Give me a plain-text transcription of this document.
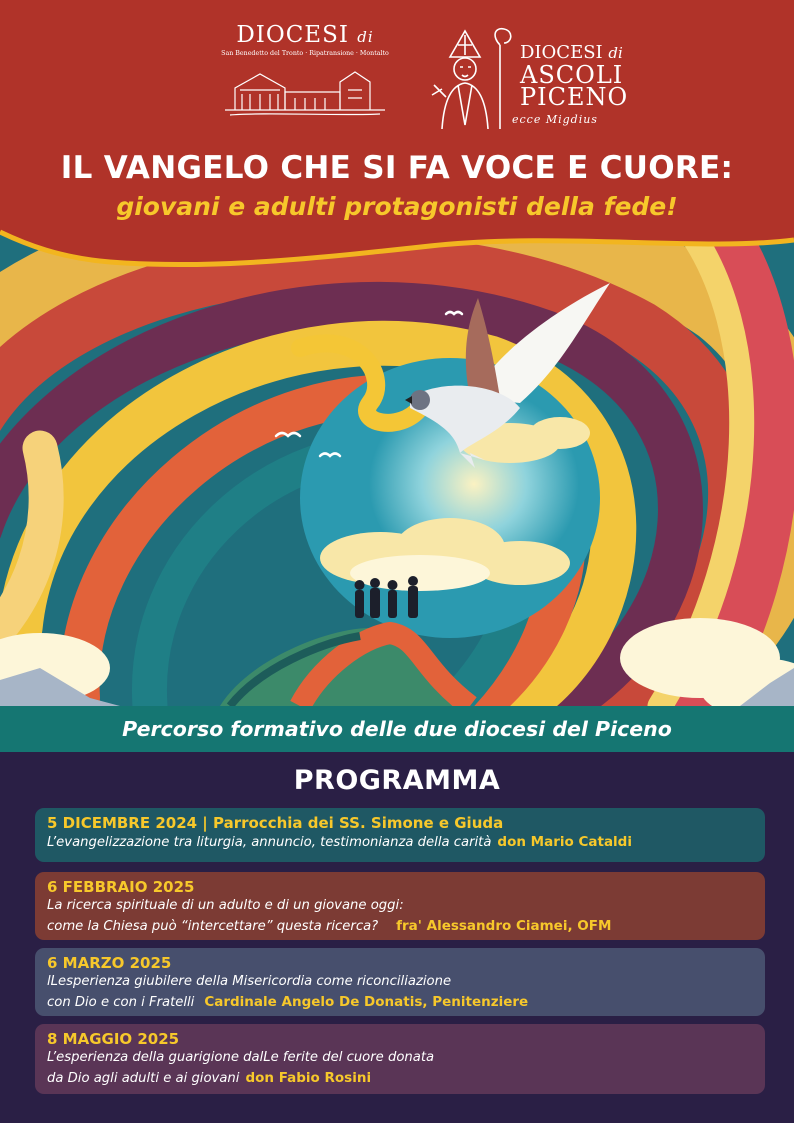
DIOCESI di
San Benedetto del Tronto · Ripatransione · Montalto	DIOCESI di
ASCOLI
PICENO
ecce Migdius
IL VANGELO CHE SI FA VOCE E CUORE:
giovani e adulti protagonisti della fede!
Percorso formativo delle due diocesi del Piceno
PROGRAMMA
5 DICEMBRE 2024 | Parrocchia dei SS. Simone e Giuda
L’evangelizzazione tra liturgia, annuncio, testimonianza della carità don Mario Cataldi
6 FEBBRAIO 2025
La ricerca spirituale di un adulto e di un giovane oggi:
come la Chiesa può “intercettare” questa ricerca? fra' Alessandro Ciamei, OFM
6 MARZO 2025
lLesperienza giubilere della Misericordia come riconciliazione
con Dio e con i Fratelli Cardinale Angelo De Donatis, Penitenziere
8 MAGGIO 2025
L’esperienza della guarigione dalLe ferite del cuore donata
da Dio agli adulti e ai giovani don Fabio Rosini
